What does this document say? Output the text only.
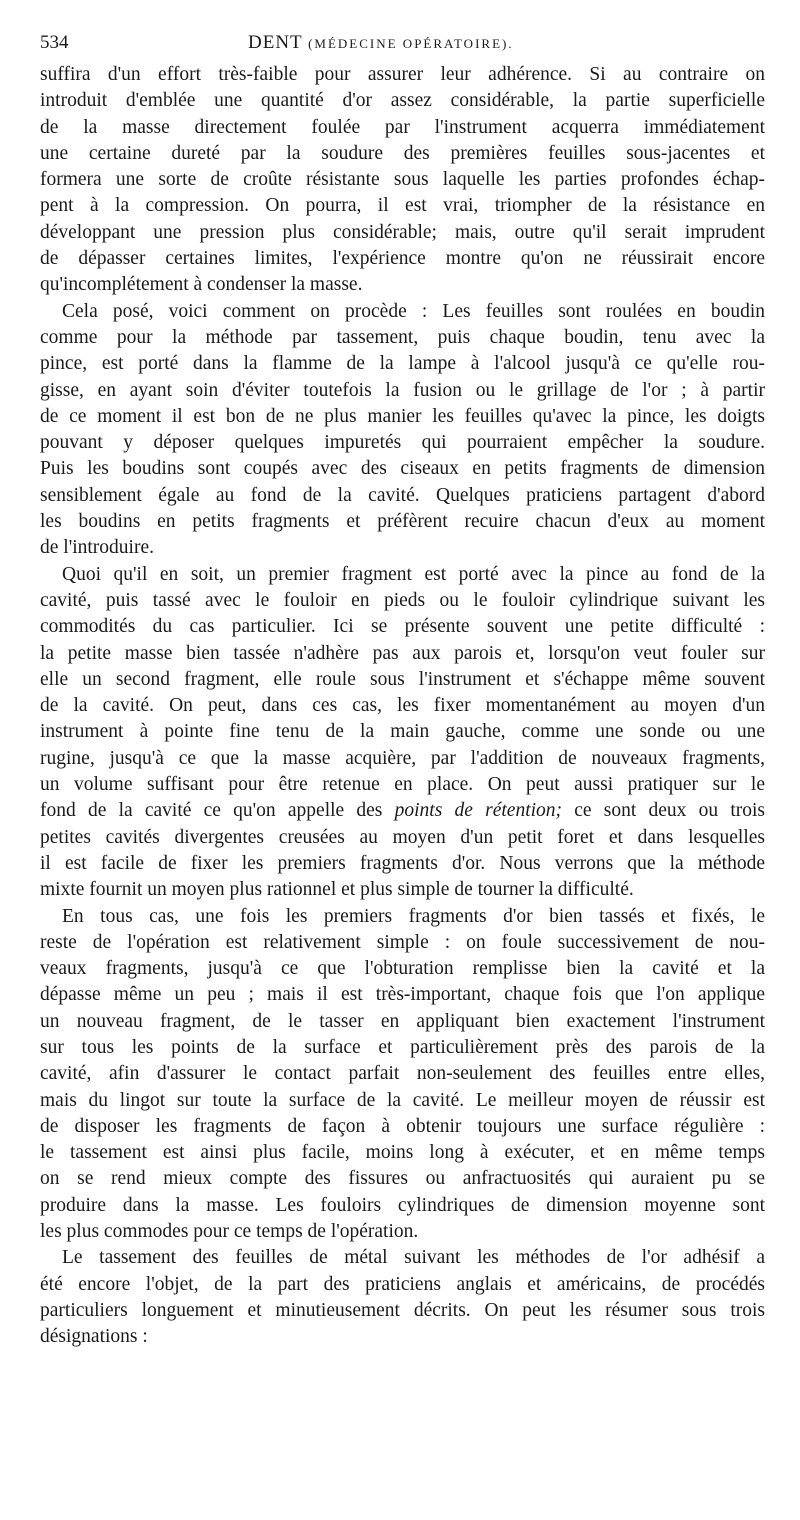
534	DENT (MÉDECINE OPÉRATOIRE).
suffira d'un effort très-faible pour assurer leur adhérence. Si au contraire on
introduit d'emblée une quantité d'or assez considérable, la partie superficielle
de la masse directement foulée par l'instrument acquerra immédiatement
une certaine dureté par la soudure des premières feuilles sous-jacentes et
formera une sorte de croûte résistante sous laquelle les parties profondes échap-
pent à la compression. On pourra, il est vrai, triompher de la résistance en
développant une pression plus considérable; mais, outre qu'il serait imprudent
de dépasser certaines limites, l'expérience montre qu'on ne réussirait encore
qu'incomplétement à condenser la masse.
Cela posé, voici comment on procède : Les feuilles sont roulées en boudin
comme pour la méthode par tassement, puis chaque boudin, tenu avec la
pince, est porté dans la flamme de la lampe à l'alcool jusqu'à ce qu'elle rou-
gisse, en ayant soin d'éviter toutefois la fusion ou le grillage de l'or ; à partir
de ce moment il est bon de ne plus manier les feuilles qu'avec la pince, les doigts
pouvant y déposer quelques impuretés qui pourraient empêcher la soudure.
Puis les boudins sont coupés avec des ciseaux en petits fragments de dimension
sensiblement égale au fond de la cavité. Quelques praticiens partagent d'abord
les boudins en petits fragments et préfèrent recuire chacun d'eux au moment
de l'introduire.
Quoi qu'il en soit, un premier fragment est porté avec la pince au fond de la
cavité, puis tassé avec le fouloir en pieds ou le fouloir cylindrique suivant les
commodités du cas particulier. Ici se présente souvent une petite difficulté :
la petite masse bien tassée n'adhère pas aux parois et, lorsqu'on veut fouler sur
elle un second fragment, elle roule sous l'instrument et s'échappe même souvent
de la cavité. On peut, dans ces cas, les fixer momentanément au moyen d'un
instrument à pointe fine tenu de la main gauche, comme une sonde ou une
rugine, jusqu'à ce que la masse acquière, par l'addition de nouveaux fragments,
un volume suffisant pour être retenue en place. On peut aussi pratiquer sur le
fond de la cavité ce qu'on appelle des points de rétention; ce sont deux ou trois
petites cavités divergentes creusées au moyen d'un petit foret et dans lesquelles
il est facile de fixer les premiers fragments d'or. Nous verrons que la méthode
mixte fournit un moyen plus rationnel et plus simple de tourner la difficulté.
En tous cas, une fois les premiers fragments d'or bien tassés et fixés, le
reste de l'opération est relativement simple : on foule successivement de nou-
veaux fragments, jusqu'à ce que l'obturation remplisse bien la cavité et la
dépasse même un peu ; mais il est très-important, chaque fois que l'on applique
un nouveau fragment, de le tasser en appliquant bien exactement l'instrument
sur tous les points de la surface et particulièrement près des parois de la
cavité, afin d'assurer le contact parfait non-seulement des feuilles entre elles,
mais du lingot sur toute la surface de la cavité. Le meilleur moyen de réussir est
de disposer les fragments de façon à obtenir toujours une surface régulière :
le tassement est ainsi plus facile, moins long à exécuter, et en même temps
on se rend mieux compte des fissures ou anfractuosités qui auraient pu se
produire dans la masse. Les fouloirs cylindriques de dimension moyenne sont
les plus commodes pour ce temps de l'opération.
Le tassement des feuilles de métal suivant les méthodes de l'or adhésif a
été encore l'objet, de la part des praticiens anglais et américains, de procédés
particuliers longuement et minutieusement décrits. On peut les résumer sous trois
désignations :
